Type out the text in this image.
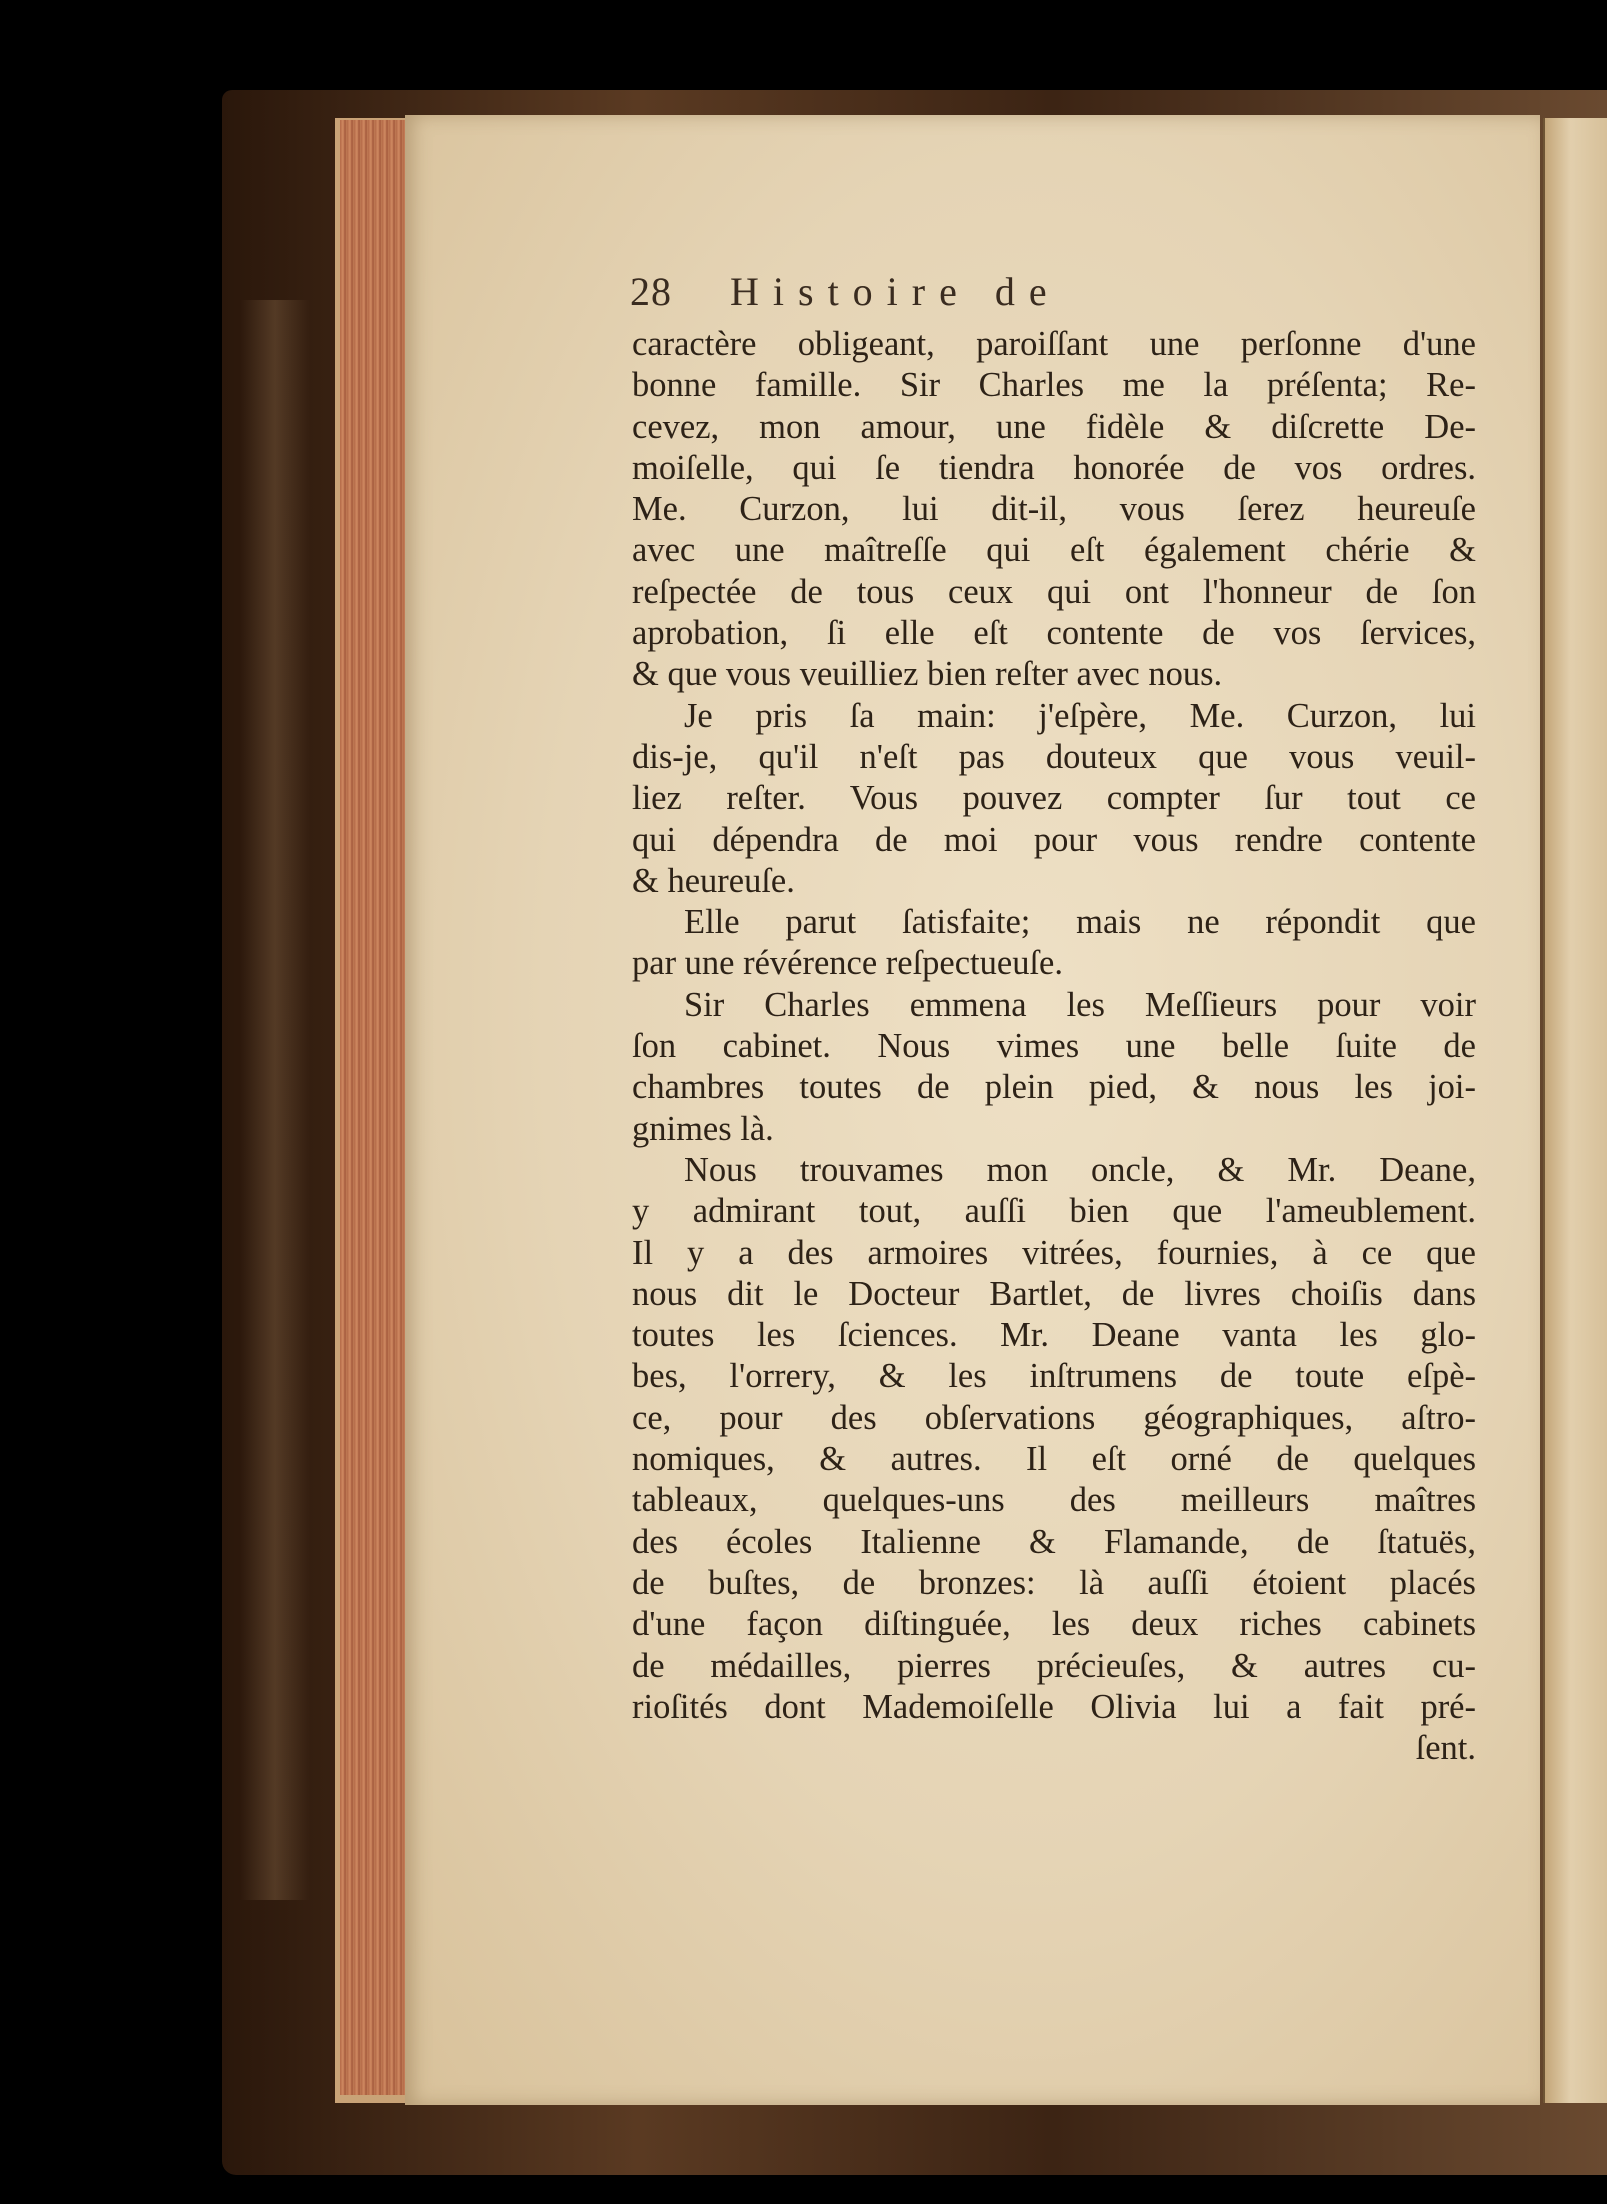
28 Histoire de
caractère obligeant, paroiſſant une perſonne d'une
bonne famille. Sir Charles me la préſenta; Re-
cevez, mon amour, une fidèle & diſcrette De-
moiſelle, qui ſe tiendra honorée de vos ordres.
Me. Curzon, lui dit-il, vous ſerez heureuſe
avec une maîtreſſe qui eſt également chérie &
reſpectée de tous ceux qui ont l'honneur de ſon
aprobation, ſi elle eſt contente de vos ſervices,
& que vous veuilliez bien reſter avec nous.
Je pris ſa main: j'eſpère, Me. Curzon, lui
dis-je, qu'il n'eſt pas douteux que vous veuil-
liez reſter. Vous pouvez compter ſur tout ce
qui dépendra de moi pour vous rendre contente
& heureuſe.
Elle parut ſatisfaite; mais ne répondit que
par une révérence reſpectueuſe.
Sir Charles emmena les Meſſieurs pour voir
ſon cabinet. Nous vimes une belle ſuite de
chambres toutes de plein pied, & nous les joi-
gnimes là.
Nous trouvames mon oncle, & Mr. Deane,
y admirant tout, auſſi bien que l'ameublement.
Il y a des armoires vitrées, fournies, à ce que
nous dit le Docteur Bartlet, de livres choiſis dans
toutes les ſciences. Mr. Deane vanta les glo-
bes, l'orrery, & les inſtrumens de toute eſpè-
ce, pour des obſervations géographiques, aſtro-
nomiques, & autres. Il eſt orné de quelques
tableaux, quelques-uns des meilleurs maîtres
des écoles Italienne & Flamande, de ſtatuës,
de buſtes, de bronzes: là auſſi étoient placés
d'une façon diſtinguée, les deux riches cabinets
de médailles, pierres précieuſes, & autres cu-
rioſités dont Mademoiſelle Olivia lui a fait pré-
ſent.
